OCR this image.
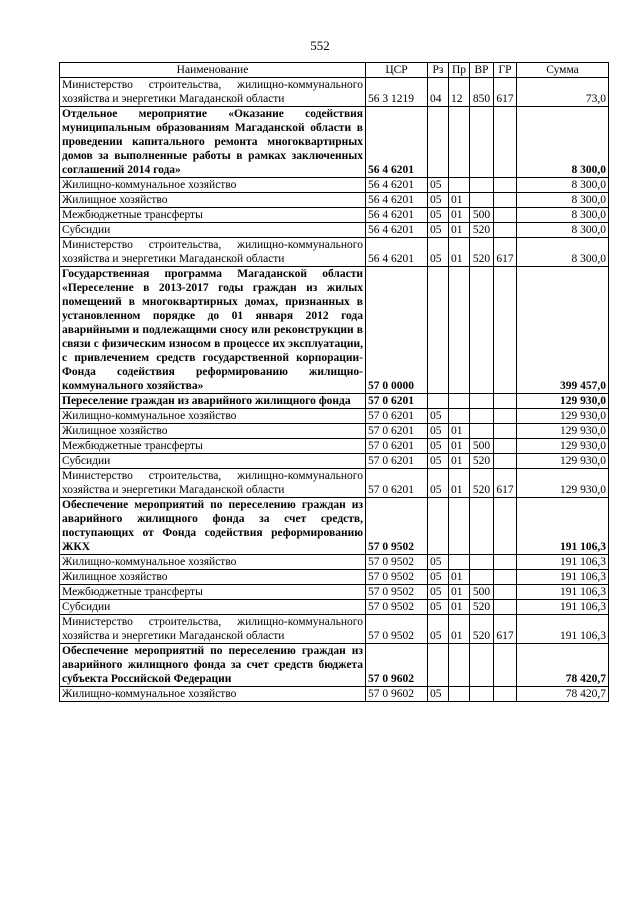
552
Наименование	ЦСР	Рз	Пр	ВР	ГР	Сумма
Министерство строительства, жилищно-коммунального хозяйства и энергетики Магаданской области	56 3 1219	04	12	850	617	73,0
Отдельное мероприятие «Оказание содействия муниципальным образованиям Магаданской области в проведении капитального ремонта многоквартирных домов за выполненные работы в рамках заключенных соглашений 2014 года»	56 4 6201					8 300,0
Жилищно-коммунальное хозяйство	56 4 6201	05				8 300,0
Жилищное хозяйство	56 4 6201	05	01			8 300,0
Межбюджетные трансферты	56 4 6201	05	01	500		8 300,0
Субсидии	56 4 6201	05	01	520		8 300,0
Министерство строительства, жилищно-коммунального хозяйства и энергетики Магаданской области	56 4 6201	05	01	520	617	8 300,0
Государственная программа Магаданской области «Переселение в 2013-2017 годы граждан из жилых помещений в многоквартирных домах, признанных в установленном порядке до 01 января 2012 года аварийными и подлежащими сносу или реконструкции в связи с физическим износом в процессе их эксплуатации, с привлечением средств государственной корпорации-Фонда содействия реформированию жилищно-коммунального хозяйства»	57 0 0000					399 457,0
Переселение граждан из аварийного жилищного фонда	57 0 6201					129 930,0
Жилищно-коммунальное хозяйство	57 0 6201	05				129 930,0
Жилищное хозяйство	57 0 6201	05	01			129 930,0
Межбюджетные трансферты	57 0 6201	05	01	500		129 930,0
Субсидии	57 0 6201	05	01	520		129 930,0
Министерство строительства, жилищно-коммунального хозяйства и энергетики Магаданской области	57 0 6201	05	01	520	617	129 930,0
Обеспечение мероприятий по переселению граждан из аварийного жилищного фонда за счет средств, поступающих от Фонда содействия реформированию ЖКХ	57 0 9502					191 106,3
Жилищно-коммунальное хозяйство	57 0 9502	05				191 106,3
Жилищное хозяйство	57 0 9502	05	01			191 106,3
Межбюджетные трансферты	57 0 9502	05	01	500		191 106,3
Субсидии	57 0 9502	05	01	520		191 106,3
Министерство строительства, жилищно-коммунального хозяйства и энергетики Магаданской области	57 0 9502	05	01	520	617	191 106,3
Обеспечение мероприятий по переселению граждан из аварийного жилищного фонда за счет средств бюджета субъекта Российской Федерации	57 0 9602					78 420,7
Жилищно-коммунальное хозяйство	57 0 9602	05				78 420,7
